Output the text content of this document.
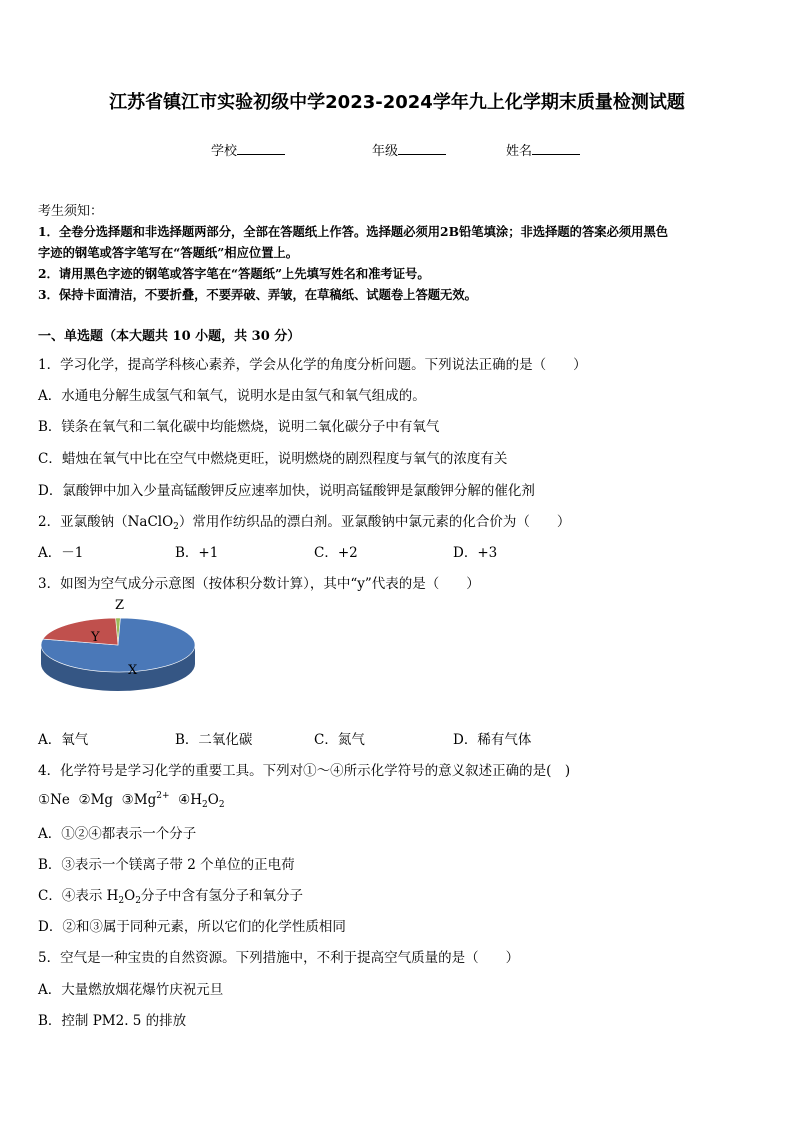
江苏省镇江市实验初级中学2023-2024学年九上化学期末质量检测试题
学校	年级	姓名
考生须知：
1．全卷分选择题和非选择题两部分，全部在答题纸上作答。选择题必须用2B铅笔填涂；非选择题的答案必须用黑色
字迹的钢笔或答字笔写在“答题纸”相应位置上。
2．请用黑色字迹的钢笔或答字笔在“答题纸”上先填写姓名和准考证号。
3．保持卡面清洁，不要折叠，不要弄破、弄皱，在草稿纸、试题卷上答题无效。
一、单选题（本大题共 10 小题，共 30 分）
1．学习化学，提高学科核心素养，学会从化学的角度分析问题。下列说法正确的是（　　）
A．水通电分解生成氢气和氧气，说明水是由氢气和氧气组成的。
B．镁条在氧气和二氧化碳中均能燃烧，说明二氧化碳分子中有氧气
C．蜡烛在氧气中比在空气中燃烧更旺，说明燃烧的剧烈程度与氧气的浓度有关
D．氯酸钾中加入少量高锰酸钾反应速率加快，说明高锰酸钾是氯酸钾分解的催化剂
2．亚氯酸钠（NaClO$_2$）常用作纺织品的漂白剂。亚氯酸钠中氯元素的化合价为（　　）
A．－1	B．+1	C．+2	D．+3
3．如图为空气成分示意图（按体积分数计算），其中“y”代表的是（　　）
Z
Y
X
A．氧气	B．二氧化碳	C．氮气	D．稀有气体
4．化学符号是学习化学的重要工具。下列对①～④所示化学符号的意义叙述正确的是(　)
①Ne ②Mg $③Mg^{2+}$ $④H_2O_2$
A．①②④都表示一个分子
B．③表示一个镁离子带 2 个单位的正电荷
C．④表示 $H_2O_2$分子中含有氢分子和氧分子
D．②和③属于同种元素，所以它们的化学性质相同
5．空气是一种宝贵的自然资源。下列措施中，不利于提高空气质量的是（　　）
A．大量燃放烟花爆竹庆祝元旦
B．控制 PM2. 5 的排放
